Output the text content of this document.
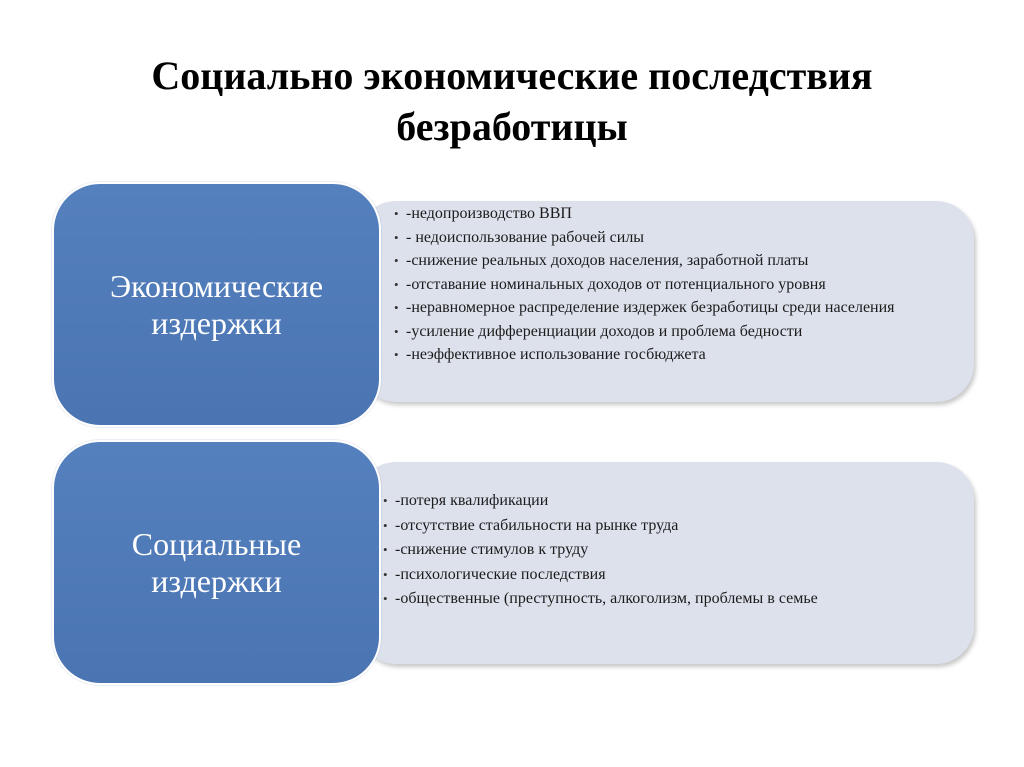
Социально экономические последствия
безработицы
• -недопроизводство ВВП
• - недоиспользование рабочей силы
• -снижение реальных доходов населения, заработной платы
• -отставание номинальных доходов от потенциального уровня
• -неравномерное распределение издержек безработицы среди населения
• -усиление дифференциации доходов и проблема бедности
• -неэффективное использование госбюджета
Экономические
издержки
• -потеря квалификации
• -отсутствие стабильности на рынке труда
• -снижение стимулов к труду
• -психологические последствия
• -общественные (преступность, алкоголизм, проблемы в семье
Социальные
издержки
